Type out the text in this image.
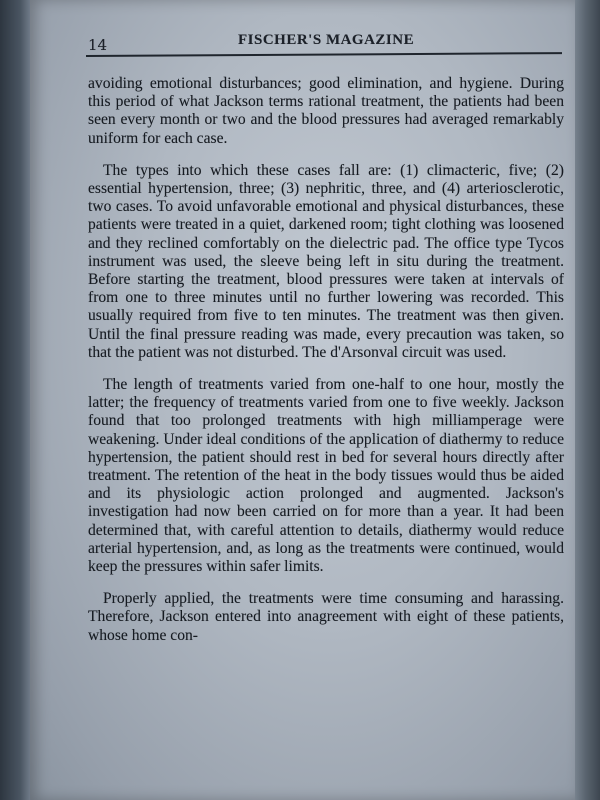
14	FISCHER'S MAGAZINE

avoiding emotional disturbances; good elimination, and hygiene. During this period of what Jackson terms rational treatment, the patients had been seen every month or two and the blood pressures had averaged remarkably uniform for each case.

The types into which these cases fall are: (1) climacteric, five; (2) essential hypertension, three; (3) nephritic, three, and (4) arteriosclerotic, two cases. To avoid unfavorable emotional and physical disturbances, these patients were treated in a quiet, darkened room; tight clothing was loosened and they reclined comfortably on the dielectric pad. The office type Tycos instrument was used, the sleeve being left in situ during the treatment. Before starting the treatment, blood pressures were taken at intervals of from one to three minutes until no further lowering was recorded. This usually required from five to ten minutes. The treatment was then given. Until the final pressure reading was made, every precaution was taken, so that the patient was not disturbed. The d'Arsonval circuit was used.

The length of treatments varied from one-half to one hour, mostly the latter; the frequency of treatments varied from one to five weekly. Jackson found that too prolonged treatments with high milliamperage were weakening. Under ideal conditions of the application of diathermy to reduce hypertension, the patient should rest in bed for several hours directly after treatment. The retention of the heat in the body tissues would thus be aided and its physiologic action prolonged and augmented. Jackson's investigation had now been carried on for more than a year. It had been determined that, with careful attention to details, diathermy would reduce arterial hypertension, and, as long as the treatments were continued, would keep the pressures within safer limits.

Properly applied, the treatments were time consuming and harassing. Therefore, Jackson entered into anagreement with eight of these patients, whose home con-
